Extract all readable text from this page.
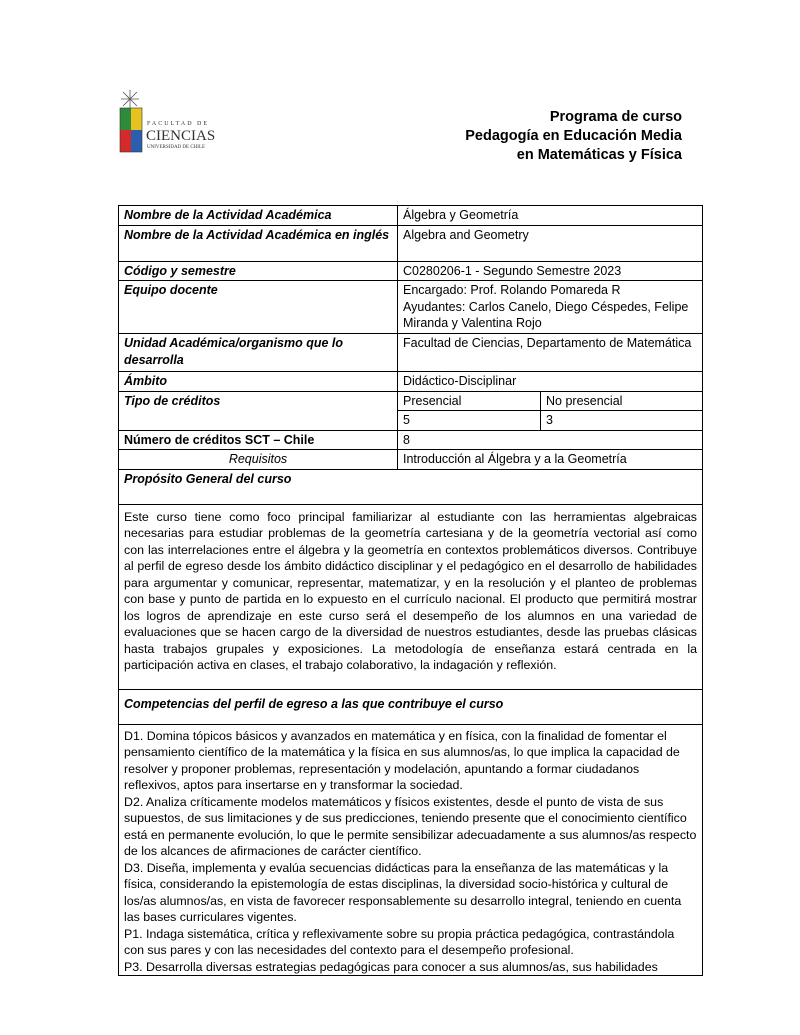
FACULTAD DE
CIENCIAS
UNIVERSIDAD DE CHILE
Programa de curso
Pedagogía en Educación Media
en Matemáticas y Física
Nombre de la Actividad Académica	Álgebra y Geometría	
Nombre de la Actividad Académica en inglés	Algebra and Geometry	
Código y semestre	C0280206-1 - Segundo Semestre 2023	
Equipo docente	Encargado: Prof. Rolando Pomareda R
Ayudantes: Carlos Canelo, Diego Céspedes, Felipe Miranda y Valentina Rojo	

Unidad Académica/organismo que lo desarrolla	Facultad de Ciencias, Departamento de Matemática	
Ámbito	Didáctico-Disciplinar	
Tipo de créditos	Presencial	No presencial
	5	3
Número de créditos SCT – Chile	8	
Requisitos	Introducción al Álgebra y a la Geometría	
Propósito General del curso		
Este curso tiene como foco principal familiarizar al estudiante con las herramientas algebraicas necesarias para estudiar problemas de la geometría cartesiana y de la geometría vectorial así como con las interrelaciones entre el álgebra y la geometría en contextos problemáticos diversos. Contribuye al perfil de egreso desde los ámbito didáctico disciplinar y el pedagógico en el desarrollo de habilidades para argumentar y comunicar, representar, matematizar, y en la resolución y el planteo de problemas con base y punto de partida en lo expuesto en el currículo nacional. El producto que permitirá mostrar los logros de aprendizaje en este curso será el desempeño de los alumnos en una variedad de evaluaciones que se hacen cargo de la diversidad de nuestros estudiantes, desde las pruebas clásicas hasta trabajos grupales y exposiciones. La metodología de enseñanza estará centrada en la participación activa en clases, el trabajo colaborativo, la indagación y reflexión.		
Competencias del perfil de egreso a las que contribuye el curso		

D1. Domina tópicos básicos y avanzados en matemática y en física, con la finalidad de fomentar el pensamiento científico de la matemática y la física en sus alumnos/as, lo que implica la capacidad de resolver y proponer problemas, representación y modelación, apuntando a formar ciudadanos reflexivos, aptos para insertarse en y transformar la sociedad.

D2. Analiza críticamente modelos matemáticos y físicos existentes, desde el punto de vista de sus supuestos, de sus limitaciones y de sus predicciones, teniendo presente que el conocimiento científico está en permanente evolución, lo que le permite sensibilizar adecuadamente a sus alumnos/as respecto de los alcances de afirmaciones de carácter científico.

D3. Diseña, implementa y evalúa secuencias didácticas para la enseñanza de las matemáticas y la física, considerando la epistemología de estas disciplinas, la diversidad socio-histórica y cultural de los/as alumnos/as, en vista de favorecer responsablemente su desarrollo integral, teniendo en cuenta las bases curriculares vigentes.

P1. Indaga sistemática, crítica y reflexivamente sobre su propia práctica pedagógica, contrastándola con sus pares y con las necesidades del contexto para el desempeño profesional.

P3. Desarrolla diversas estrategias pedagógicas para conocer a sus alumnos/as, sus habilidades		
